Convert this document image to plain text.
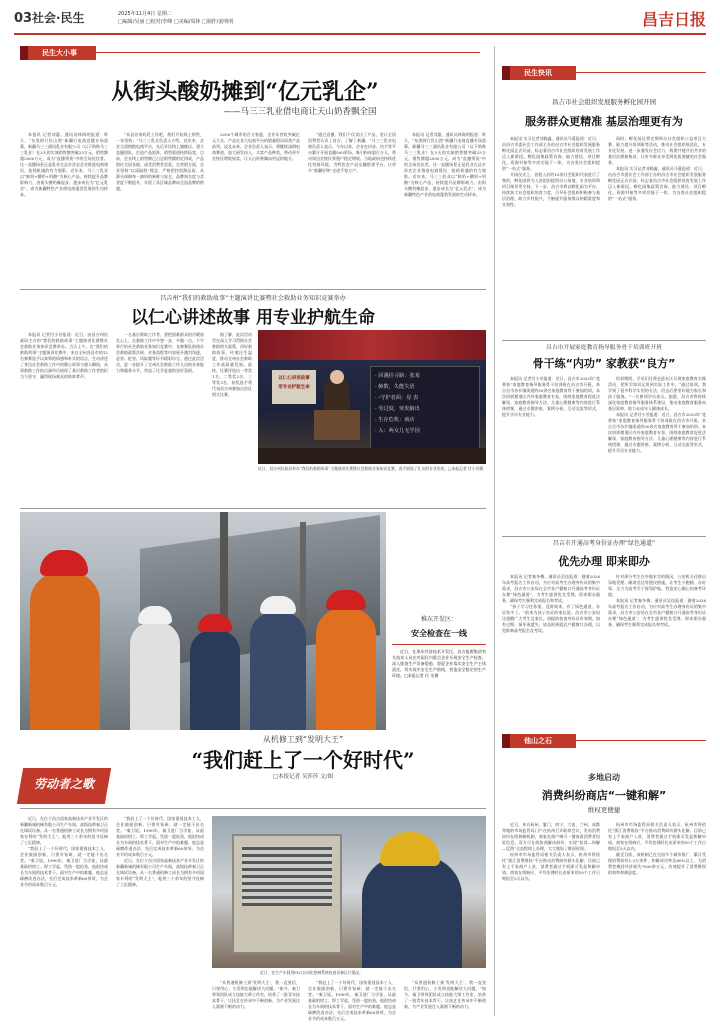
03 社会·民生	2025年11月4日 星期二
□编辑/吴丽 □校对/李峰 □美编/周林 □制作/姜明明	昌吉日报
民生大小事
从街头酸奶摊到“亿元乳企”
——马三三乳业借电商让天山奶香飘全国

本报讯 记者刘惠、通讯员林海明报道：昨天，“东黑阿行民山湾”新疆行电商直播专场落幕，新疆马三三通讯乳业有限公司（以下简称马三三乳业）在3天的实演销售额突破25万元，销售额超2000万元，成为“直播带货”中的全场佼佼者。这一直播场景正是乳业在县乡涉农企业推进电商建设，抢抓机遇的有力缩影。近年来，马三三乳业以“鲜奶+酸奶+奶酪”为核心产品，持续提升品牌影响力，由街头酸奶摊起步，逐步成长为“亿元乳企”，成为新疆特色产业借电商蓬勃发展的生动样本。

“从县首家奶乳工作吧，我们开始线上销售，一年坚持；”马三三乳业负责人介绍，近年来，企业全面拥抱电商平台，先后开设线上旗舰店，建立直播团队，打造产品矩阵，销售渠道持续拓宽。目前，企业线上销售额已占总销售额的近四成，产品销往全国各地，深受消费者喜爱。在营销方面，企业坚持“以质取胜”理念，严格把控奶源品质，从源头保障每一滴奶的新鲜与安全，品牌知名度与美誉度不断提升，实现了从区域品牌向全国品牌的跨越。

3200个城市的百万家庭，企业年营收突破亿元大关，产品在各大电商平台的销量稳居同类产品前列。谈及未来，企业负责人表示，将继续深耕电商赛道，加大研发投入，丰富产品种类，带动更多农牧民增收致富，让天山奶香飘向更远的地方。

“通过直播，我们不仅卖出了产品，更让全国消费者认识了昌吉、了解了新疆。”马三三乳业电商负责人表示，今年以来，企业在抖音、快手等平台累计开展直播500余场，吸引粉丝超百万人，带动周边农牧民养殖户稳定增收。当地政府也持续优化营商环境，为特色农产品出疆搭建平台，让更多“新疆好物”走进千家万户。

本报讯 记者刘惠、通讯员林海明报道：昨天，“东黑阿行民山湾”新疆行电商直播专场落幕，新疆马三三通讯乳业有限公司（以下简称马三三乳业）在3天的实演销售额突破25万元，销售额超2000万元，成为“直播带货”中的全场佼佼者。这一直播场景正是乳业在县乡涉农企业推进电商建设，抢抓机遇的有力缩影。近年来，马三三乳业以“鲜奶+酸奶+奶酪”为核心产品，持续提升品牌影响力，由街头酸奶摊起步，逐步成长为“亿元乳企”，成为新疆特色产业借电商蓬勃发展的生动样本。

昌吉州“我们的救助故事”主题演讲比赛暨社会救助业务知识竞赛举办
以仁心讲述故事 用专业护航生命

本报讯 记者付小芳报道：近日，由昌吉州民政局主办的“我们的救助故事”主题演讲比赛暨社会救助业务知识竞赛举办。当天上午，在“我们的救助故事”主题演讲比赛中，来自全州各县市的12名参赛选手以真挚的情感和朴实的语言，生动讲述了身边社会救助工作中的暖心故事与感人瞬间，从事救助工作的点滴经历展现了基层救助工作者的担当与坚守，赢得现场观众的阵阵掌声。

一名基层救助工作者，要把困难群众的冷暖放在心上，在救助工作中多想一步，多做一点。下午举行的社会救助业务知识竞赛中，各参赛队围绕社会救助政策法规、业务流程等内容展开激烈角逐，必答、抢答、风险题等环节精彩纷呈。通过此次活动，进一步提升了全州社会救助工作人员的业务能力和服务水平，营造了比学赶超的良好氛围。

据了解，此次活动旨在深入学习贯彻社会救助相关政策，讲好救助故事，传递民生温度，推动全州社会救助工作高质量发展。最终，比赛评选出一等奖1名、二等奖2名、三等奖3名，获奖选手将代表昌吉州参加自治区相关比赛。

以仁心讲述故事
用专业护航生命
· 回溪挂寻路：张某
· 帧数，失能失语
· -守护者面：母 表
· 劳过度，突发脑出
· 生存危机：商店
· 入：两女儿无学因
近日，昌吉州民政局举办“我们的救助故事”主题演讲比赛暨社会救助业务知识竞赛，选手展现了扎实的专业功底。□本报记者 付小芳摄
稚东开发区：
安全检查在一线
近日，在准东经济技术开发区，昌吉能源集团有关技术人员在对园区内重点企业开展安全生产检查，深入排查生产设备隐患，督促企业落实安全生产主体责任，切实筑牢安全生产防线，营造安全稳定的生产环境。□本报记者 付 龙摄
劳动者之歌
从机修工到“发明大王”
“我们赶上了一个好时代”
□本报记者 吴莎莎 文/图

近日，在位于昌吉国家高新技术产业开发区的新疆新诚机械有限公司生产车间，高级技师秦卫正在调试设备。从一名普通机修工成长为拥有多项国家专利的“发明大王”，他用三十余年的坚守诠释了工匠精神。

“我赶上了一个好时代，国家重视技术工人，企业鼓励创新，只要肯钻研，就一定能干出名堂。”秦卫说。1990年，秦卫进厂当学徒，从最基础的钳工、焊工学起，凭借一股钻劲，他很快成长为车间的技术骨干。面对生产中的难题，他总是琢磨改进办法，先后完成技术革新60余项，为企业节约成本数百万元。

“我赶上了一个好时代，国家重视技术工人，企业鼓励创新，只要肯钻研，就一定能干出名堂。”秦卫说。1990年，秦卫进厂当学徒，从最基础的钳工、焊工学起，凭借一股钻劲，他很快成长为车间的技术骨干。面对生产中的难题，他总是琢磨改进办法，先后完成技术革新60余项，为企业节约成本数百万元。

近日，在位于昌吉国家高新技术产业开发区的新疆新诚机械有限公司生产车间，高级技师秦卫正在调试设备。从一名普通机修工成长为拥有多项国家专利的“发明大王”，他用三十余年的坚守诠释了工匠精神。

近日，在生产车间用PLC自动化控制系统检查设备运行情况。

“从普通机修工到‘发明大王’，我一直坚信，只要用心，小发明也能解决大问题。”如今，秦卫带领团队成立技能大师工作室，培养了一批青年技术骨干，让技艺在传承中不断创新，为产业发展注入源源不断的动力。

“我赶上了一个好时代，国家重视技术工人，企业鼓励创新，只要肯钻研，就一定能干出名堂。”秦卫说。1990年，秦卫进厂当学徒，从最基础的钳工、焊工学起，凭借一股钻劲，他很快成长为车间的技术骨干。面对生产中的难题，他总是琢磨改进办法，先后完成技术革新60余项，为企业节约成本数百万元。

“从普通机修工到‘发明大王’，我一直坚信，只要用心，小发明也能解决大问题。”如今，秦卫带领团队成立技能大师工作室，培养了一批青年技术骨干，让技艺在传承中不断创新，为产业发展注入源源不断的动力。

民生快讯
昌吉市社会组织发展服务孵化园开园
服务群众更精准 基层治理更有为

本报讯 实习记者刘晓鑫、通讯员马蔓报道：近日，由昌吉市委社会工作部主办的昌吉市社会组织发展服务孵化园正式开园，标志着昌吉市社会组织培育发展工作迈入新阶段。孵化园集政策咨询、能力建设、项目孵化、资源对接等多项功能于一体，为各类社会组织提供“一站式”服务。

开园仪式上，首批入驻的10家社会组织代表进行了签约，孵化园将为入驻组织提供办公场地、专业培训和项目指导等支持。下一步，昌吉市将以孵化园为平台，持续加大社会组织培育力度，引导社会组织积极参与基层治理、助力乡村振兴，不断提升服务群众的精准度和实效性。

同时，孵化园还将定期举办社会组织公益项目大赛、能力提升培训班等活动，推动社会组织规范化、专业化发展，进一步激发社会活力，构建共建共治共享的基层治理新格局，让更多群众享受到优质便捷的社会服务。

本报讯 实习记者刘晓鑫、通讯员马蔓报道：近日，由昌吉市委社会工作部主办的昌吉市社会组织发展服务孵化园正式开园，标志着昌吉市社会组织培育发展工作迈入新阶段。孵化园集政策咨询、能力建设、项目孵化、资源对接等多项功能于一体，为各类社会组织提供“一站式”服务。

昌吉市开展家庭教育指导服务骨干培训班开班
骨干练“内功” 家教获“良方”

本报讯 记者付小芳报道：近日，昌吉市2025年“花香家”家庭教育指导服务骨干培训班在昌吉市开班，来自全市各乡镇街道的50余名家庭教育骨干参加培训。本次培训邀请区内外家庭教育专家，围绕家庭教育促进法解读、家庭教育指导方法、儿童心理健康等内容进行系统授课，通过专题讲座、案例分析、互动交流等形式，提升学员专业能力。

培训期间，学员们还将走进社区开展家庭教育实践活动，把所学知识运用到实际工作中。“通过培训，我学到了很多科学实用的方法，回去后要更好地为家长和孩子服务。”一名参训学员表示。据悉，昌吉市将持续深化家庭教育指导服务体系建设，推动家庭教育服务向基层延伸，助力未成年人健康成长。

本报讯 记者付小芳报道：近日，昌吉市2025年“花香家”家庭教育指导服务骨干培训班在昌吉市开班，来自全市各乡镇街道的50余名家庭教育骨干参加培训。本次培训邀请区内外家庭教育专家，围绕家庭教育促进法解读、家庭教育指导方法、儿童心理健康等内容进行系统授课，通过专题讲座、案例分析、互动交流等形式，提升学员专业能力。

昌吉市开通高考身份证办理“绿色通道”
优先办理 即来即办

本报讯 记者秦冬梅、通讯员吴钰报道：随着2026年高考报名工作启动，为应对高考生办理身份证的集中需求，昌吉市公安局在全市各户籍窗口开通高考身份证办理“绿色通道”，为考生提供优先受理、即来即办服务，确保考生顺利完成报名和考试。

“孩子学习任务重，没时间来，有了绿色通道，办证快多了。”前来为孩子办证的家长说。昌吉市公安局还提醒广大考生及家长，请提前检查身份证有效期，如有过期、损坏或遗失，请及时到就近户籍窗口办理，以免影响高考报名及考试。

针对部分考生在外地求学的情况，公安机关还推出异地受理、邮寄送达等便民措施，让考生少跑腿、办好事，全力为高考学子保驾护航，营造安心顺心的备考环境。

本报讯 记者秦冬梅、通讯员吴钰报道：随着2026年高考报名工作启动，为应对高考生办理身份证的集中需求，昌吉市公安局在全市各户籍窗口开通高考身份证办理“绿色通道”，为考生提供优先受理、即来即办服务，确保考生顺利完成报名和考试。

他山之石
多地启动
消费纠纷商店“一键和解”
维权更便捷

近日，来自杭州、厦门、南宁、大连、兰州、成都等地的市场监管局门户在杭州召开联席会议，发布消费纠纷在线和解机制，商家在商户端可一键查看消费者投诉信息，双方可在线协商解决纠纷，实现“投诉—和解—反馈”全流程线上办理，大大缩短了维权时间。

杭州市市场监管局相关负责人表示，杭州市将依托“浙江消费维权”平台推动消费纠纷源头化解，目前已有上千家商户入驻，消费者通过手机即可发起和解申请，商家在线响应，平均处理时长由原来的10个工作日缩短至3天以内。

杭州市市场监管局相关负责人表示，杭州市将依托“浙江消费维权”平台推动消费纠纷源头化解，目前已有上千家商户入驻，消费者通过手机即可发起和解申请，商家在线响应，平均处理时长由原来的10个工作日缩短至3天以内。

截至目前，该机制已在全国多个城市推广，累计受理消费纠纷1.3万余件，和解成功率达80%以上，为消费者挽回经济损失7000余万元，有效提升了消费维权的效率和满意度。
